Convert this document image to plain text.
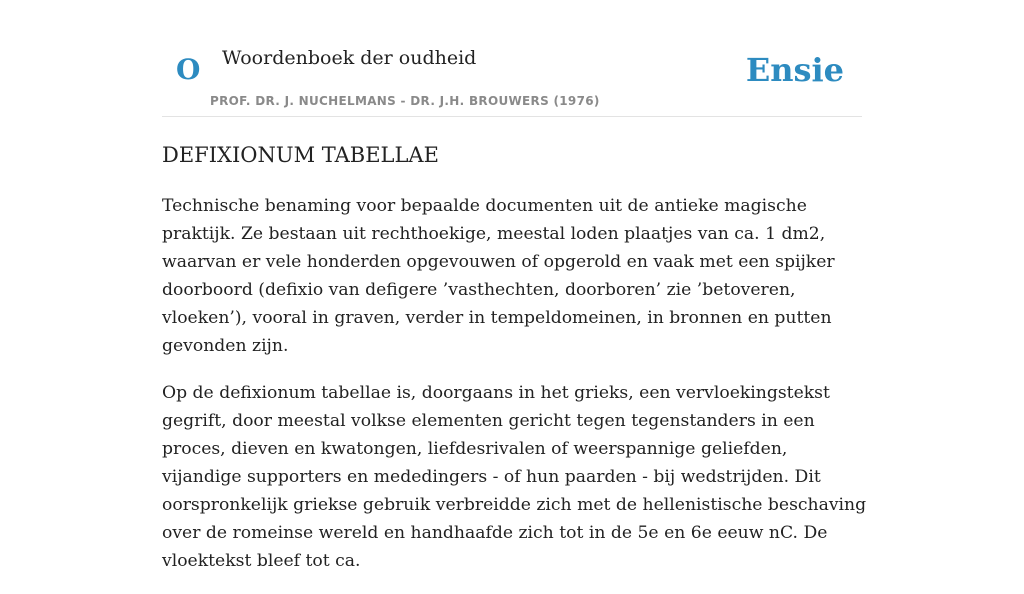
O Woordenboek der oudheid
PROF. DR. J. NUCHELMANS - DR. J.H. BROUWERS (1976)
Ensie
DEFIXIONUM TABELLAE

Technische benaming voor bepaalde documenten uit de antieke magische praktijk. Ze bestaan uit rechthoekige, meestal loden plaatjes van ca. 1 dm2, waarvan er vele honderden opgevouwen of opgerold en vaak met een spijker doorboord (defixio van defigere ’vasthechten, doorboren’ zie ’betoveren, vloeken’), vooral in graven, verder in tempeldomeinen, in bronnen en putten gevonden zijn.

Op de defixionum tabellae is, doorgaans in het grieks, een vervloekingstekst gegrift, door meestal volkse elementen gericht tegen tegenstanders in een proces, dieven en kwatongen, liefdesrivalen of weerspannige geliefden, vijandige supporters en mededingers - of hun paarden - bij wedstrijden. Dit oorspronkelijk griekse gebruik verbreidde zich met de hellenistische beschaving over de romeinse wereld en handhaafde zich tot in de 5e en 6e eeuw nC. De vloektekst bleef tot ca.
